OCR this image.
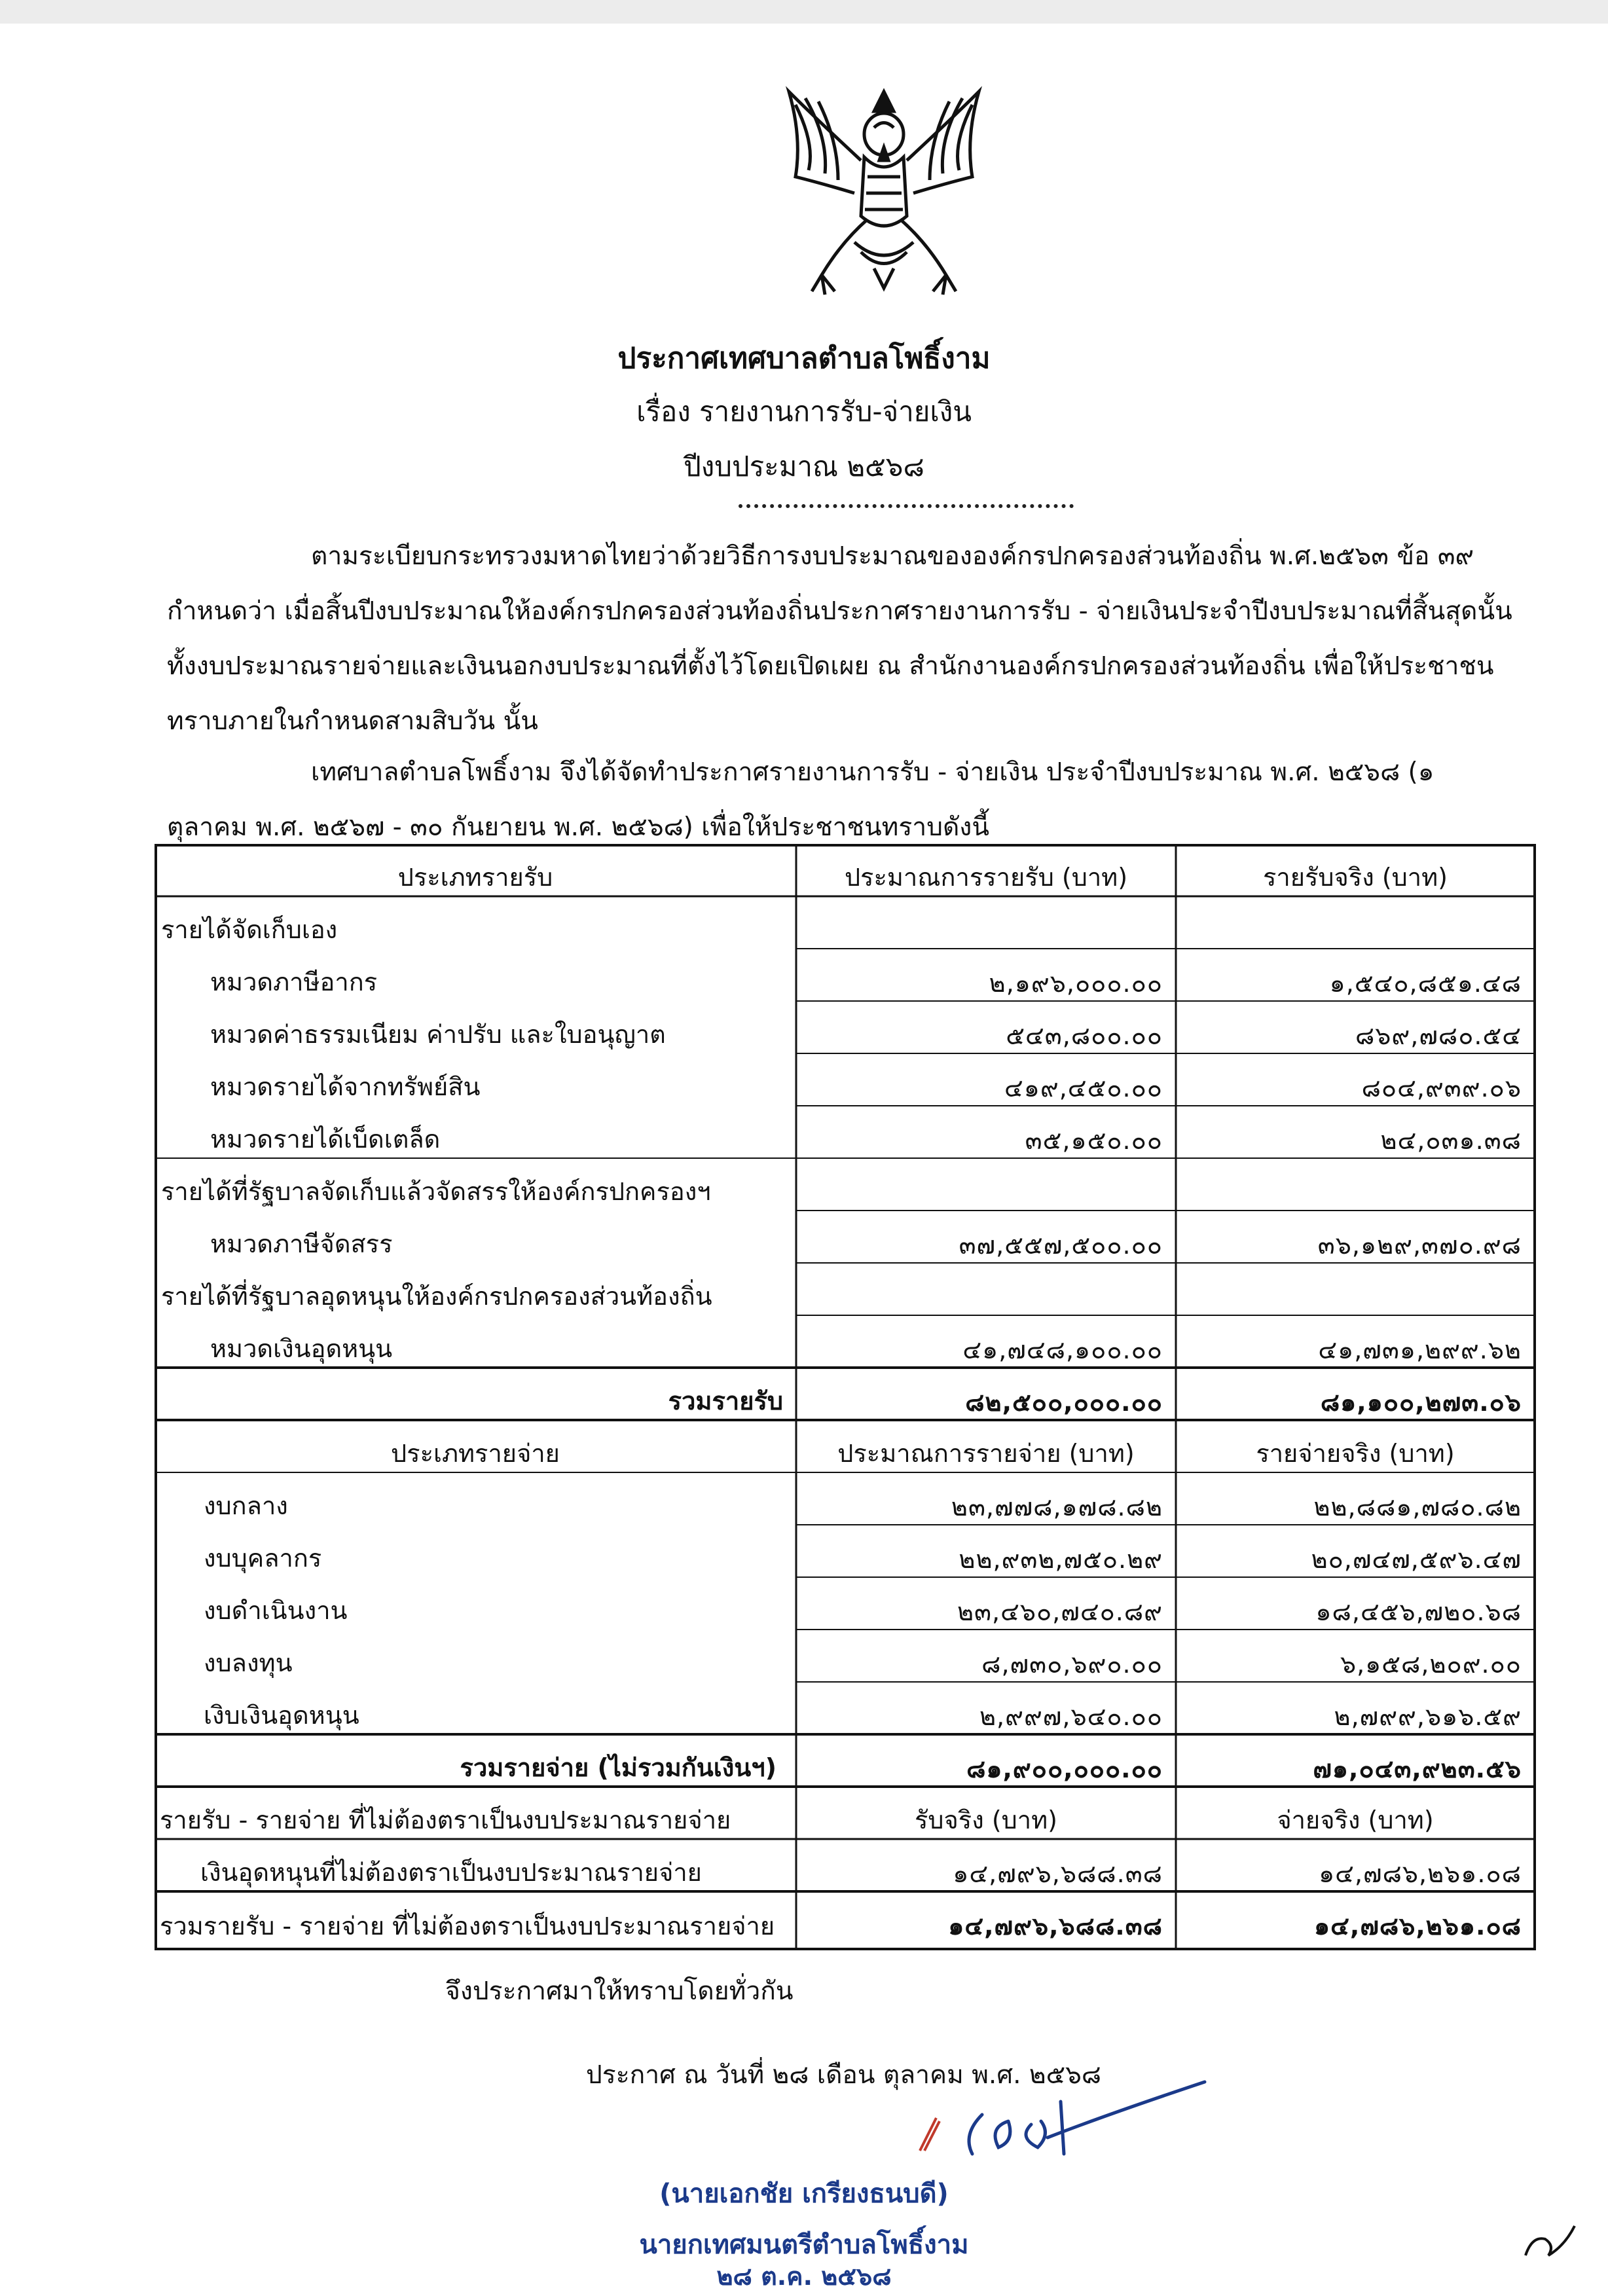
ประกาศเทศบาลตำบลโพธิ์งาม
เรื่อง รายงานการรับ-จ่ายเงิน
ปีงบประมาณ ๒๕๖๘
ตามระเบียบกระทรวงมหาดไทยว่าด้วยวิธีการงบประมาณขององค์กรปกครองส่วนท้องถิ่น พ.ศ.๒๕๖๓ ข้อ ๓๙ กำหนดว่า เมื่อสิ้นปีงบประมาณให้องค์กรปกครองส่วนท้องถิ่นประกาศรายงานการรับ - จ่ายเงินประจำปีงบประมาณที่สิ้นสุดนั้น ทั้งงบประมาณรายจ่ายและเงินนอกงบประมาณที่ตั้งไว้โดยเปิดเผย ณ สำนักงานองค์กรปกครองส่วนท้องถิ่น เพื่อให้ประชาชนทราบภายในกำหนดสามสิบวัน นั้น
เทศบาลตำบลโพธิ์งาม จึงได้จัดทำประกาศรายงานการรับ - จ่ายเงิน ประจำปีงบประมาณ พ.ศ. ๒๕๖๘ (๑ ตุลาคม พ.ศ. ๒๕๖๗ - ๓๐ กันยายน พ.ศ. ๒๕๖๘) เพื่อให้ประชาชนทราบดังนี้
ประเภทรายรับ	ประมาณการรายรับ (บาท)	รายรับจริง (บาท)
รายได้จัดเก็บเอง
หมวดภาษีอากร	๒,๑๙๖,๐๐๐.๐๐	๑,๕๔๐,๘๕๑.๔๘
หมวดค่าธรรมเนียม ค่าปรับ และใบอนุญาต	๕๔๓,๘๐๐.๐๐	๘๖๙,๗๘๐.๕๔
หมวดรายได้จากทรัพย์สิน	๔๑๙,๔๕๐.๐๐	๘๐๔,๙๓๙.๐๖
หมวดรายได้เบ็ดเตล็ด	๓๕,๑๕๐.๐๐	๒๔,๐๓๑.๓๘
รายได้ที่รัฐบาลจัดเก็บแล้วจัดสรรให้องค์กรปกครองฯ
หมวดภาษีจัดสรร	๓๗,๕๕๗,๕๐๐.๐๐	๓๖,๑๒๙,๓๗๐.๙๘
รายได้ที่รัฐบาลอุดหนุนให้องค์กรปกครองส่วนท้องถิ่น
หมวดเงินอุดหนุน	๔๑,๗๔๘,๑๐๐.๐๐	๔๑,๗๓๑,๒๙๙.๖๒
รวมรายรับ	๘๒,๕๐๐,๐๐๐.๐๐	๘๑,๑๐๐,๒๗๓.๐๖
ประเภทรายจ่าย	ประมาณการรายจ่าย (บาท)	รายจ่ายจริง (บาท)
งบกลาง	๒๓,๗๗๘,๑๗๘.๘๒	๒๒,๘๘๑,๗๘๐.๘๒
งบบุคลากร	๒๒,๙๓๒,๗๕๐.๒๙	๒๐,๗๔๗,๕๙๖.๔๗
งบดำเนินงาน	๒๓,๔๖๐,๗๔๐.๘๙	๑๘,๔๕๖,๗๒๐.๖๘
งบลงทุน	๘,๗๓๐,๖๙๐.๐๐	๖,๑๕๘,๒๐๙.๐๐
เงิบเงินอุดหนุน	๒,๙๙๗,๖๔๐.๐๐	๒,๗๙๙,๖๑๖.๕๙
รวมรายจ่าย (ไม่รวมกันเงินฯ)	๘๑,๙๐๐,๐๐๐.๐๐	๗๑,๐๔๓,๙๒๓.๕๖
รายรับ - รายจ่าย ที่ไม่ต้องตราเป็นงบประมาณรายจ่าย	รับจริง (บาท)	จ่ายจริง (บาท)
เงินอุดหนุนที่ไม่ต้องตราเป็นงบประมาณรายจ่าย	๑๔,๗๙๖,๖๘๘.๓๘	๑๔,๗๘๖,๒๖๑.๐๘
รวมรายรับ - รายจ่าย ที่ไม่ต้องตราเป็นงบประมาณรายจ่าย	๑๔,๗๙๖,๖๘๘.๓๘	๑๔,๗๘๖,๒๖๑.๐๘
จึงประกาศมาให้ทราบโดยทั่วกัน
ประกาศ ณ วันที่ ๒๘ เดือน ตุลาคม พ.ศ. ๒๕๖๘
(นายเอกชัย เกรียงธนบดี)
นายกเทศมนตรีตำบลโพธิ์งาม
๒๘ ต.ค. ๒๕๖๘
